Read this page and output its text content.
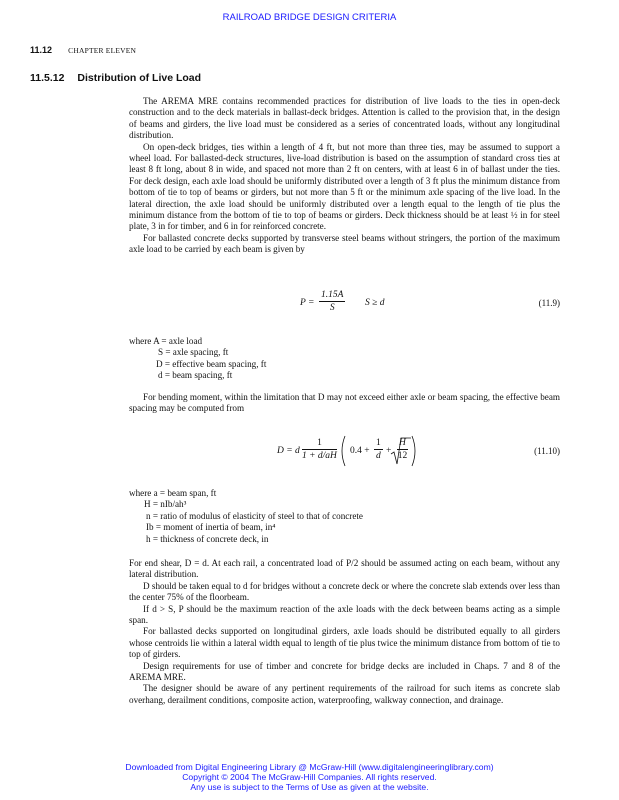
RAILROAD BRIDGE DESIGN CRITERIA
11.12 CHAPTER ELEVEN
11.5.12 Distribution of Live Load

The AREMA MRE contains recommended practices for distribution of live loads to the ties in open-deck construction and to the deck materials in ballast-deck bridges. Attention is called to the provision that, in the design of beams and girders, the live load must be considered as a series of concentrated loads, without any longitudinal distribution.

On open-deck bridges, ties within a length of 4 ft, but not more than three ties, may be assumed to support a wheel load. For ballasted-deck structures, live-load distribution is based on the assumption of standard cross ties at least 8 ft long, about 8 in wide, and spaced not more than 2 ft on centers, with at least 6 in of ballast under the ties. For deck design, each axle load should be uniformly distributed over a length of 3 ft plus the minimum distance from bottom of tie to top of beams or girders, but not more than 5 ft or the minimum axle spacing of the live load. In the lateral direction, the axle load should be uniformly distributed over a length equal to the length of tie plus the minimum distance from the bottom of tie to top of beams or girders. Deck thickness should be at least ½ in for steel plate, 3 in for timber, and 6 in for reinforced concrete.

For ballasted concrete decks supported by transverse steel beams without stringers, the portion of the maximum axle load to be carried by each beam is given by

$P = \frac{1.15A}{S}$ S ≥ d	(11.9)
where A = axle load
S = axle spacing, ft
D = effective beam spacing, ft
d = beam spacing, ft

For bending moment, within the limitation that D may not exceed either axle or beam spacing, the effective beam spacing may be computed from

D = d $\frac{1}{1 + d/aH} 0.4 + \frac{1}{d} + \frac{H}{12}$	(11.10)
where a = beam span, ft
H = nIb/ah³
n = ratio of modulus of elasticity of steel to that of concrete
Ib = moment of inertia of beam, in⁴
h = thickness of concrete deck, in

For end shear, D = d. At each rail, a concentrated load of P/2 should be assumed acting on each beam, without any lateral distribution.

D should be taken equal to d for bridges without a concrete deck or where the concrete slab extends over less than the center 75% of the floorbeam.

If d > S, P should be the maximum reaction of the axle loads with the deck between beams acting as a simple span.

For ballasted decks supported on longitudinal girders, axle loads should be distributed equally to all girders whose centroids lie within a lateral width equal to length of tie plus twice the minimum distance from bottom of tie to top of girders.

Design requirements for use of timber and concrete for bridge decks are included in Chaps. 7 and 8 of the AREMA MRE.

The designer should be aware of any pertinent requirements of the railroad for such items as concrete slab overhang, derailment conditions, composite action, waterproofing, walkway connection, and drainage.

Downloaded from Digital Engineering Library @ McGraw-Hill (www.digitalengineeringlibrary.com)
Copyright © 2004 The McGraw-Hill Companies. All rights reserved.
Any use is subject to the Terms of Use as given at the website.
